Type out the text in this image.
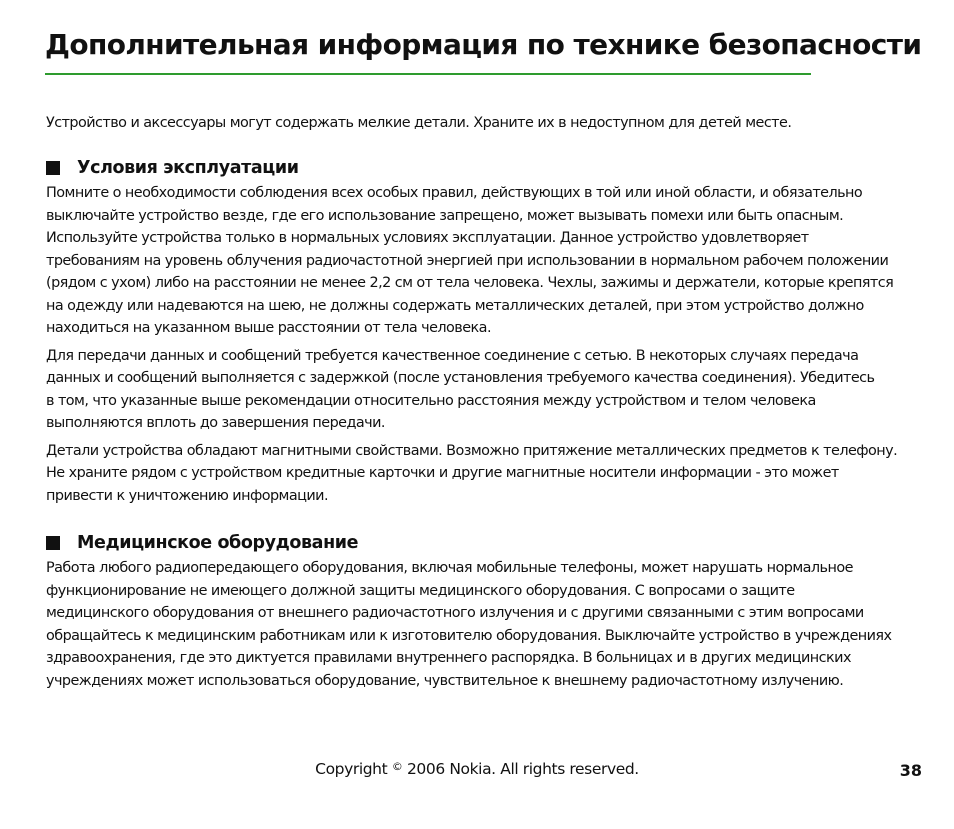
Дополнительная информация по технике безопасности

Устройство и аксессуары могут содержать мелкие детали. Храните их в недоступном для детей месте.

Условия эксплуатации

Помните о необходимости соблюдения всех особых правил, действующих в той или иной области, и обязательно
выключайте устройство везде, где его использование запрещено, может вызывать помехи или быть опасным.
Используйте устройства только в нормальных условиях эксплуатации. Данное устройство удовлетворяет
требованиям на уровень облучения радиочастотной энергией при использовании в нормальном рабочем положении
(рядом с ухом) либо на расстоянии не менее 2,2 см от тела человека. Чехлы, зажимы и держатели, которые крепятся
на одежду или надеваются на шею, не должны содержать металлических деталей, при этом устройство должно
находиться на указанном выше расстоянии от тела человека.

Для передачи данных и сообщений требуется качественное соединение с сетью. В некоторых случаях передача
данных и сообщений выполняется с задержкой (после установления требуемого качества соединения). Убедитесь
в том, что указанные выше рекомендации относительно расстояния между устройством и телом человека
выполняются вплоть до завершения передачи.

Детали устройства обладают магнитными свойствами. Возможно притяжение металлических предметов к телефону.
Не храните рядом с устройством кредитные карточки и другие магнитные носители информации - это может
привести к уничтожению информации.

Медицинское оборудование

Работа любого радиопередающего оборудования, включая мобильные телефоны, может нарушать нормальное
функционирование не имеющего должной защиты медицинского оборудования. С вопросами о защите
медицинского оборудования от внешнего радиочастотного излучения и с другими связанными с этим вопросами
обращайтесь к медицинским работникам или к изготовителю оборудования. Выключайте устройство в учреждениях
здравоохранения, где это диктуется правилами внутреннего распорядка. В больницах и в других медицинских
учреждениях может использоваться оборудование, чувствительное к внешнему радиочастотному излучению.

Copyright © 2006 Nokia. All rights reserved.	38
